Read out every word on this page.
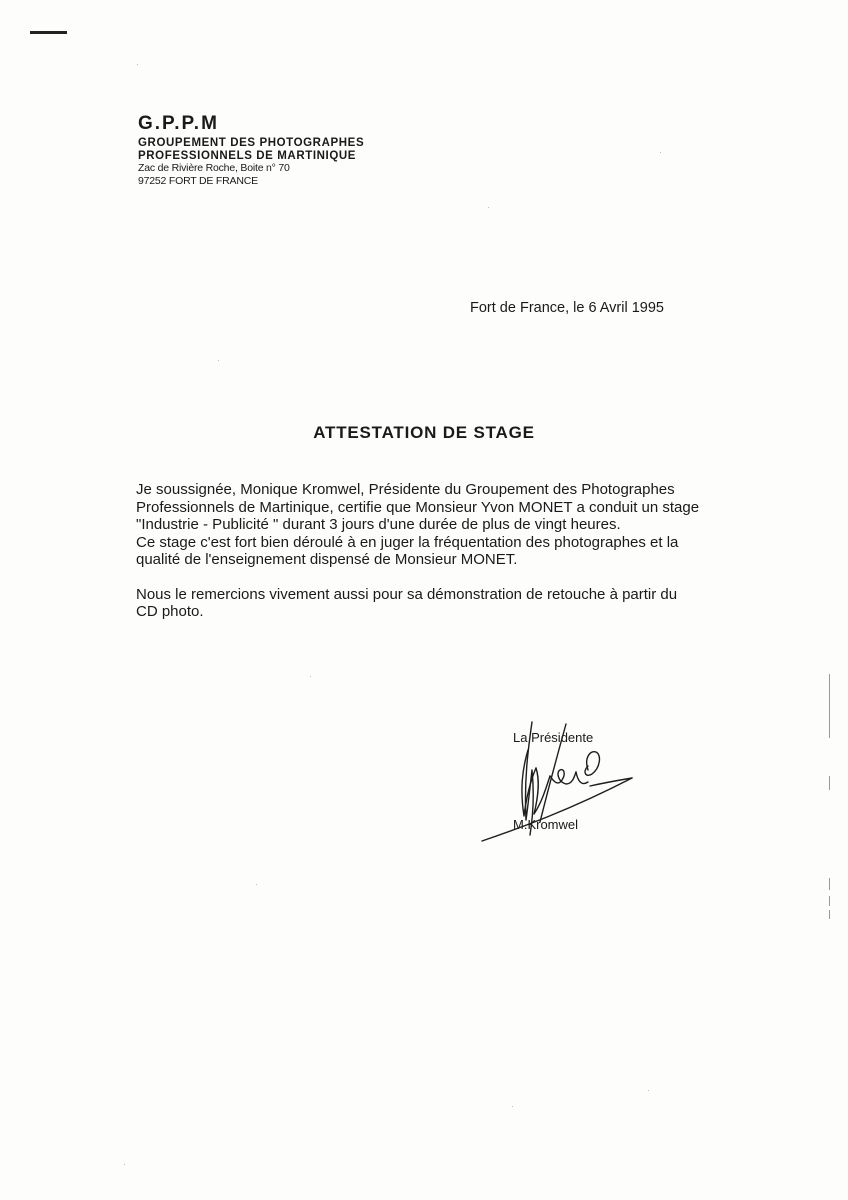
G.P.P.M

GROUPEMENT DES PHOTOGRAPHES

PROFESSIONNELS DE MARTINIQUE

Zac de Rivière Roche, Boite n° 70

97252 FORT DE FRANCE

Fort de France, le 6 Avril 1995

ATTESTATION DE STAGE

Je soussignée, Monique Kromwel, Présidente du Groupement des Photographes

Professionnels de Martinique, certifie que Monsieur Yvon MONET a conduit un stage

"Industrie - Publicité " durant 3 jours d'une durée de plus de vingt heures.

Ce stage c'est fort bien déroulé à en juger la fréquentation des photographes et la

qualité de l'enseignement dispensé de Monsieur MONET.

Nous le remercions vivement aussi pour sa démonstration de retouche à partir du

CD photo.

La Présidente

M.Kromwel
